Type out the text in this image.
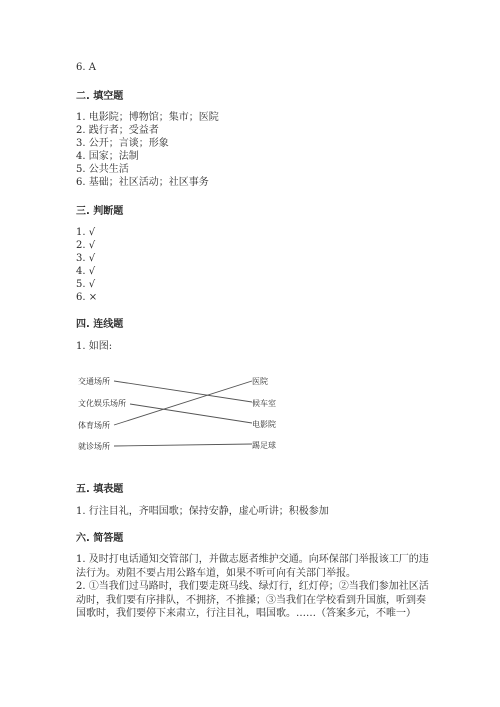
6. A
二. 填空题
1. 电影院；博物馆；集市；医院
2. 践行者；受益者
3. 公开；言谈；形象
4. 国家；法制
5. 公共生活
6. 基础；社区活动；社区事务
三. 判断题
1. √
2. √
3. √
4. √
5. √
6. ×
四. 连线题
1. 如图:
交通场所
文化娱乐场所
体育场所
就诊场所
医院
候车室
电影院
踢足球
五. 填表题
1. 行注目礼，齐唱国歌；保持安静，虚心听讲；积极参加
六. 简答题

1. 及时打电话通知交管部门，并做志愿者维护交通。向环保部门举报该工厂的违法行为。劝阻不要占用公路车道，如果不听可向有关部门举报。

2. ①当我们过马路时，我们要走斑马线、绿灯行，红灯停；②当我们参加社区活动时，我们要有序排队，不拥挤，不推搡；③当我们在学校看到升国旗，听到奏国歌时，我们要停下来肃立，行注目礼，唱国歌。……（答案多元，不唯一）
